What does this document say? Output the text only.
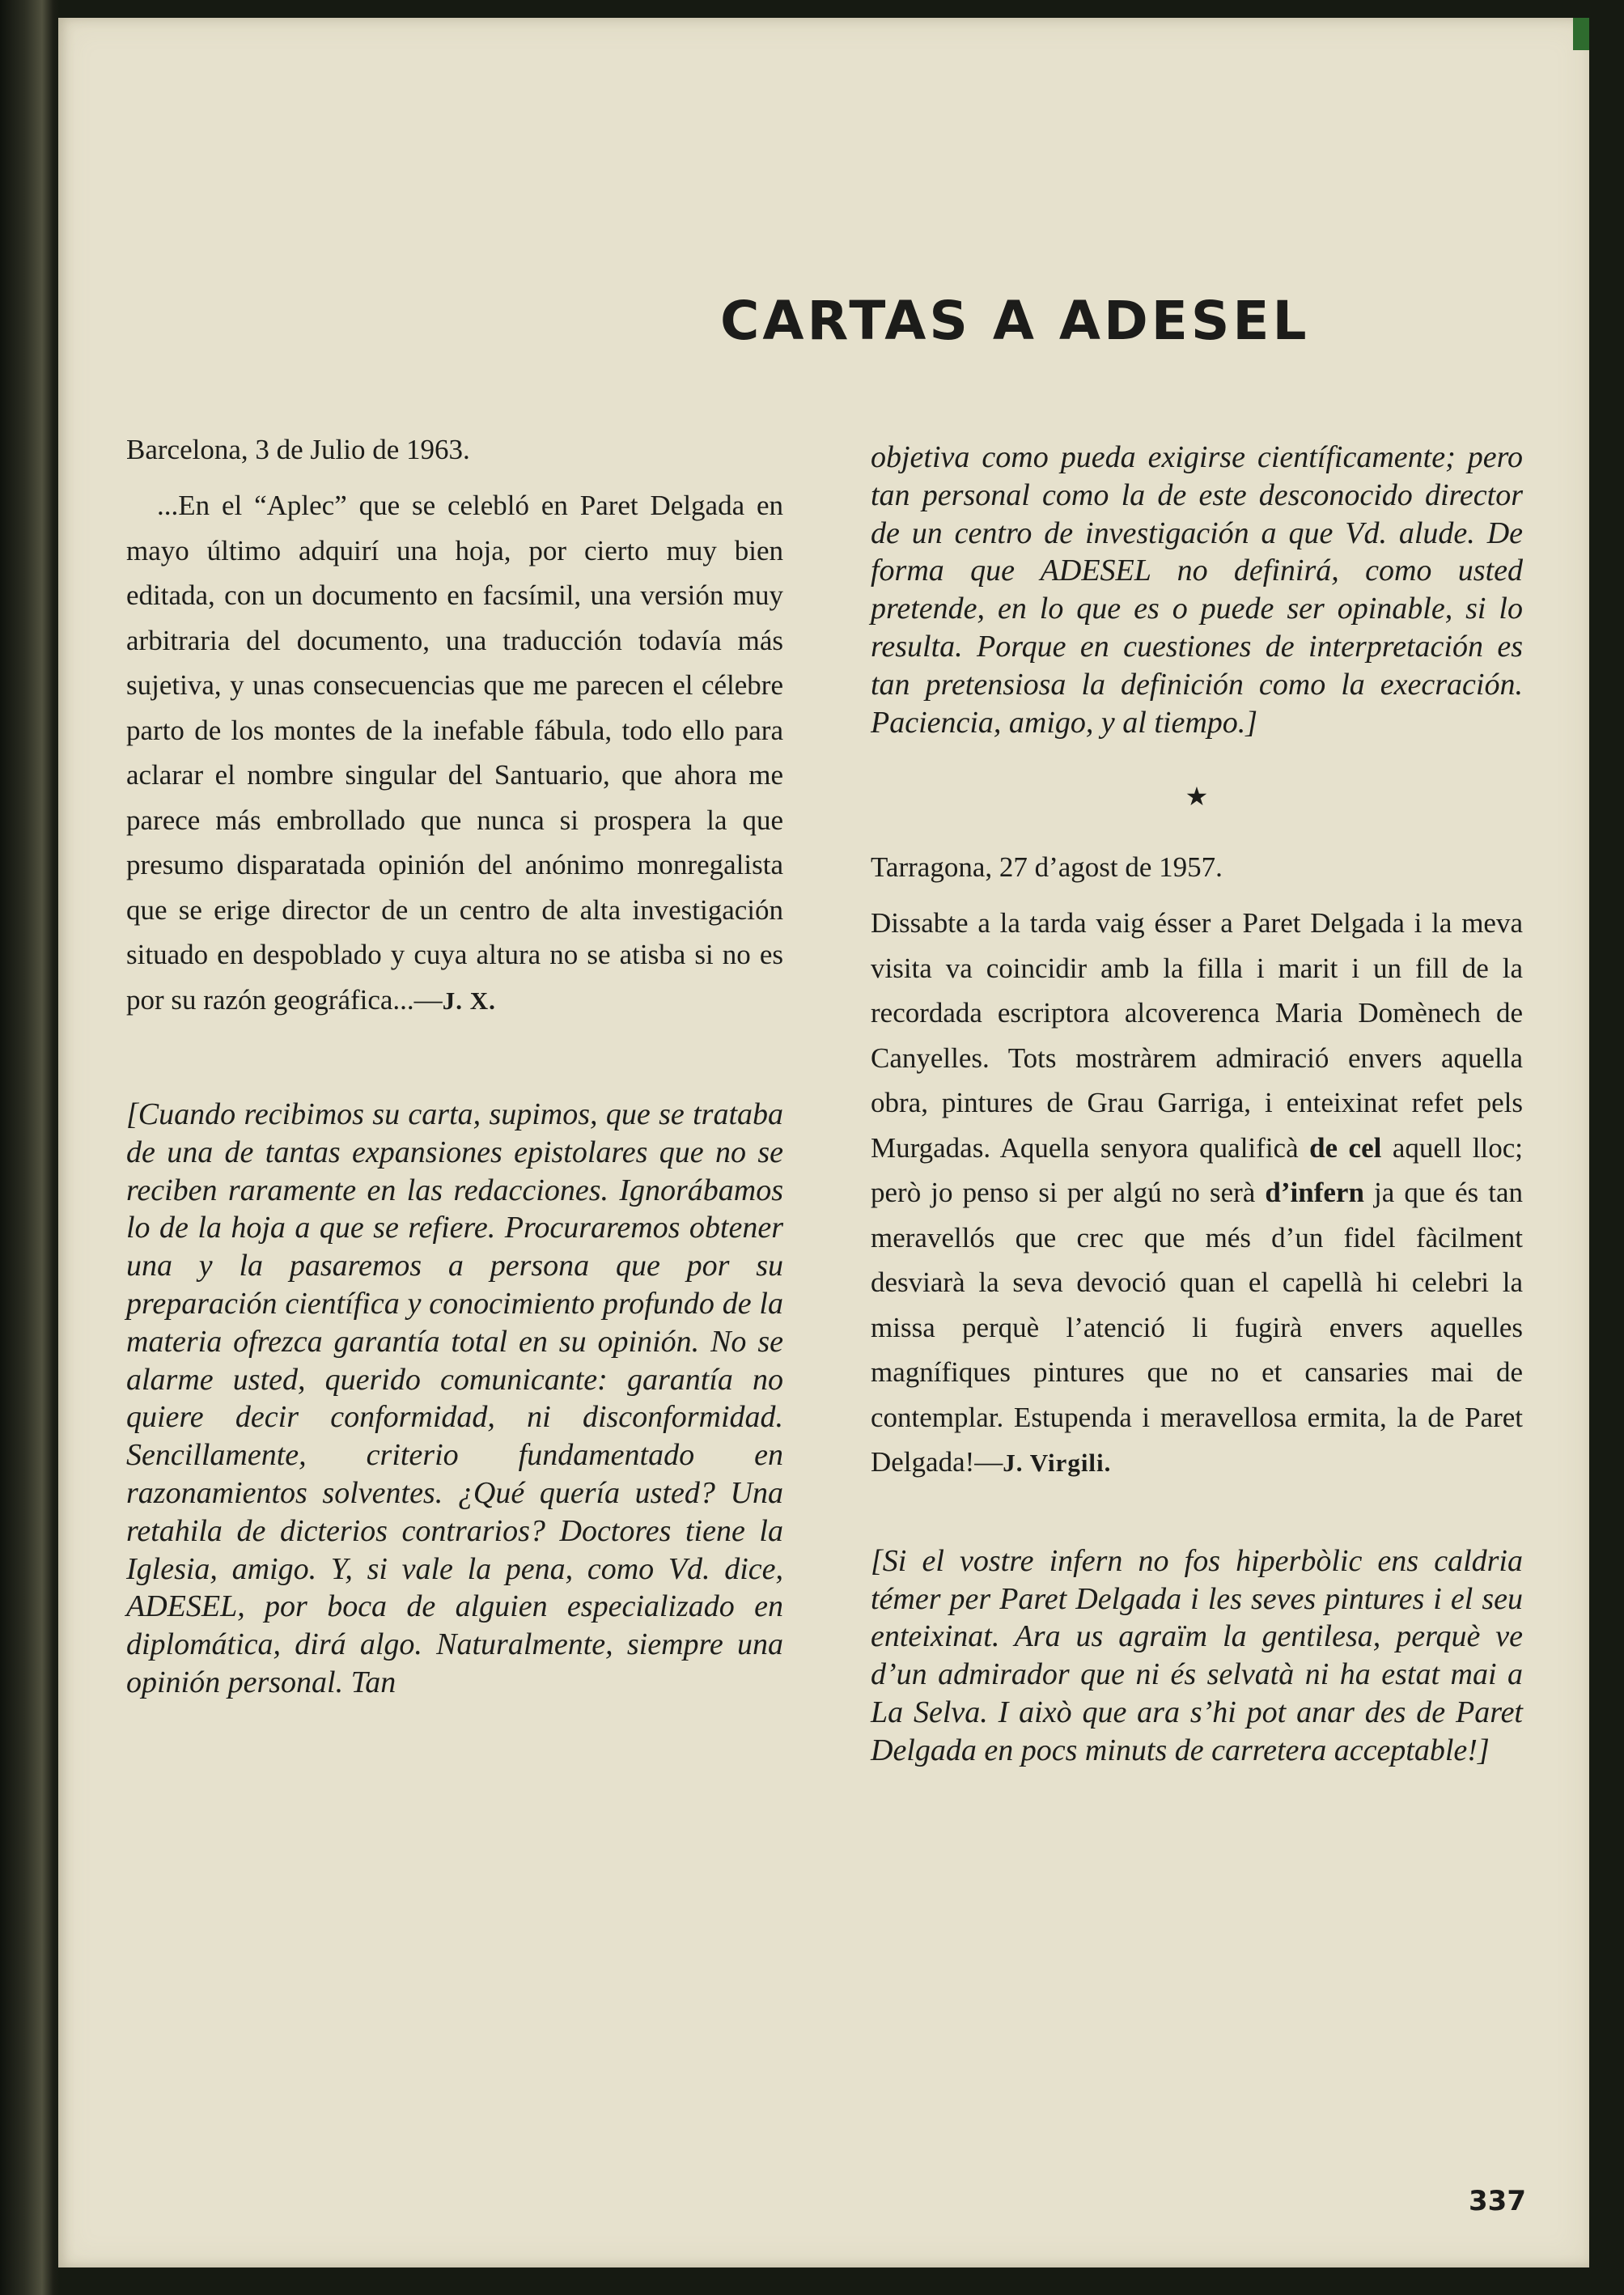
CARTAS A ADESEL

Barcelona, 3 de Julio de 1963.

...En el “Aplec” que se celebló en Paret Delgada en mayo último adquirí una hoja, por cierto muy bien editada, con un documento en facsímil, una versión muy arbitraria del documento, una traducción todavía más sujetiva, y unas consecuencias que me parecen el célebre parto de los montes de la inefable fábula, todo ello para aclarar el nombre singular del Santuario, que ahora me parece más embrollado que nunca si prospera la que presumo disparatada opinión del anónimo monregalista que se erige director de un centro de alta investigación situado en despoblado y cuya altura no se atisba si no es por su razón geográfica...—J. X.

[Cuando recibimos su carta, supimos, que se trataba de una de tantas expansiones epistolares que no se reciben raramente en las redacciones. Ignorábamos lo de la hoja a que se refiere. Procuraremos obtener una y la pasaremos a persona que por su preparación científica y conocimiento profundo de la materia ofrezca garantía total en su opinión. No se alarme usted, querido comunicante: garantía no quiere decir conformidad, ni disconformidad. Sencillamente, criterio fundamentado en razonamientos solventes. ¿Qué quería usted? Una retahila de dicterios contrarios? Doctores tiene la Iglesia, amigo. Y, si vale la pena, como Vd. dice, ADESEL, por boca de alguien especializado en diplomática, dirá algo. Naturalmente, siempre una opinión personal. Tan

objetiva como pueda exigirse científicamente; pero tan personal como la de este desconocido director de un centro de investigación a que Vd. alude. De forma que ADESEL no definirá, como usted pretende, en lo que es o puede ser opinable, si lo resulta. Porque en cuestiones de interpretación es tan pretensiosa la definición como la execración. Paciencia, amigo, y al tiempo.]

★

Tarragona, 27 d’agost de 1957.

Dissabte a la tarda vaig ésser a Paret Delgada i la meva visita va coincidir amb la filla i marit i un fill de la recordada escriptora alcoverenca Maria Domènech de Canyelles. Tots mostràrem admiració envers aquella obra, pintures de Grau Garriga, i enteixinat refet pels Murgadas. Aquella senyora qualificà de cel aquell lloc; però jo penso si per algú no serà d’infern ja que és tan meravellós que crec que més d’un fidel fàcilment desviarà la seva devoció quan el capellà hi celebri la missa perquè l’atenció li fugirà envers aquelles magnífiques pintures que no et cansaries mai de contemplar. Estupenda i meravellosa ermita, la de Paret Delgada!—J. Virgili.

[Si el vostre infern no fos hiperbòlic ens caldria témer per Paret Delgada i les seves pintures i el seu enteixinat. Ara us agraïm la gentilesa, perquè ve d’un admirador que ni és selvatà ni ha estat mai a La Selva. I això que ara s’hi pot anar des de Paret Delgada en pocs minuts de carretera acceptable!]

337
